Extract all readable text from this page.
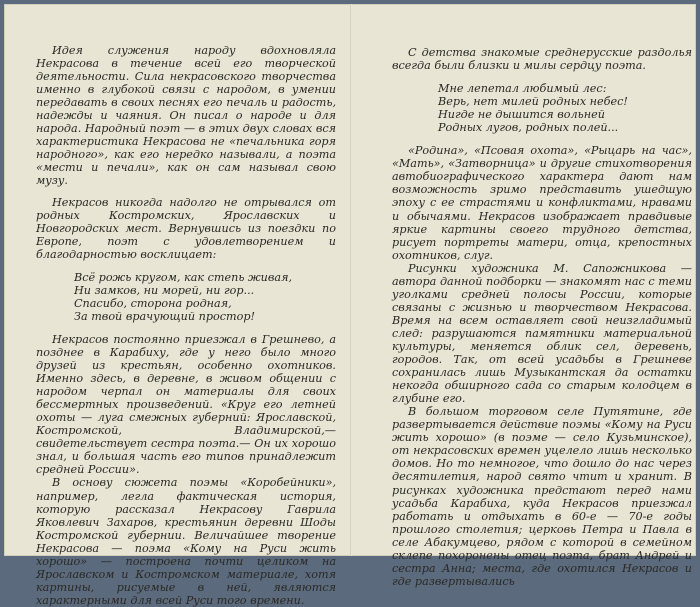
Идея служения народу вдохновляла Некрасова в течение всей его творческой деятельности. Сила некрасовского творчества именно в глубокой связи с народом, в умении передавать в своих песнях его печаль и радость, надежды и чаяния. Он писал о народе и для народа. Народный поэт — в этих двух словах вся характеристика Некрасова не «печальника горя народного», как его нередко называли, а поэта «мести и печали», как он сам называл свою музу.

Некрасов никогда надолго не отрывался от родных Костромских, Ярославских и Новгородских мест. Вернувшись из поездки по Европе, поэт с удовлетворением и благодарностью восклицает:

Всё рожь кругом, как степь живая,
Ни замков, ни морей, ни гор...
Спасибо, сторона родная,
За твой врачующий простор!

Некрасов постоянно приезжал в Грешнево, а позднее в Карабиху, где у него было много друзей из крестьян, особенно охотников. Именно здесь, в деревне, в живом общении с народом черпал он материалы для своих бессмертных произведений. «Круг его летней охоты — луга смежных губерний: Ярославской, Костромской, Владимирской,— свидетельствует сестра поэта.— Он их хорошо знал, и большая часть его типов принадлежит средней России».

В основу сюжета поэмы «Коробейники», например, легла фактическая история, которую рассказал Некрасову Гаврила Яковлевич Захаров, крестьянин деревни Шоды Костромской губернии. Величайшее творение Некрасова — поэма «Кому на Руси жить хорошо» — построена почти целиком на Ярославском и Костромском материале, хотя картины, рисуемые в ней, являются характерными для всей Руси того времени.

С детства знакомые среднерусские раздолья всегда были близки и милы сердцу поэта.

Мне лепетал любимый лес:
Верь, нет милей родных небес!
Нигде не дышится вольней
Родных лугов, родных полей...

«Родина», «Псовая охота», «Рыцарь на час», «Мать», «Затворница» и другие стихотворения автобиографического характера дают нам возможность зримо представить ушедшую эпоху с ее страстями и конфликтами, нравами и обычаями. Некрасов изображает правдивые яркие картины своего трудного детства, рисует портреты матери, отца, крепостных охотников, слуг.

Рисунки художника М. Сапожникова — автора данной подборки — знакомят нас с теми уголками средней полосы России, которые связаны с жизнью и творчеством Некрасова. Время на всем оставляет свой неизгладимый след: разрушаются памятники материальной культуры, меняется облик сел, деревень, городов. Так, от всей усадьбы в Грешневе сохранилась лишь Музыкантская да остатки некогда обширного сада со старым колодцем в глубине его.

В большом торговом селе Путятине, где развертывается действие поэмы «Кому на Руси жить хорошо» (в поэме — село Кузьминское), от некрасовских времен уцелело лишь несколько домов. Но то немногое, что дошло до нас через десятилетия, народ свято чтит и хранит. В рисунках художника предстают перед нами усадьба Карабиха, куда Некрасов приезжал работать и отдыхать в 60-е — 70-е годы прошлого столетия; церковь Петра и Павла в селе Абакумцево, рядом с которой в семейном склепе похоронены отец поэта, брат Андрей и сестра Анна; места, где охотился Некрасов и где развертывались
